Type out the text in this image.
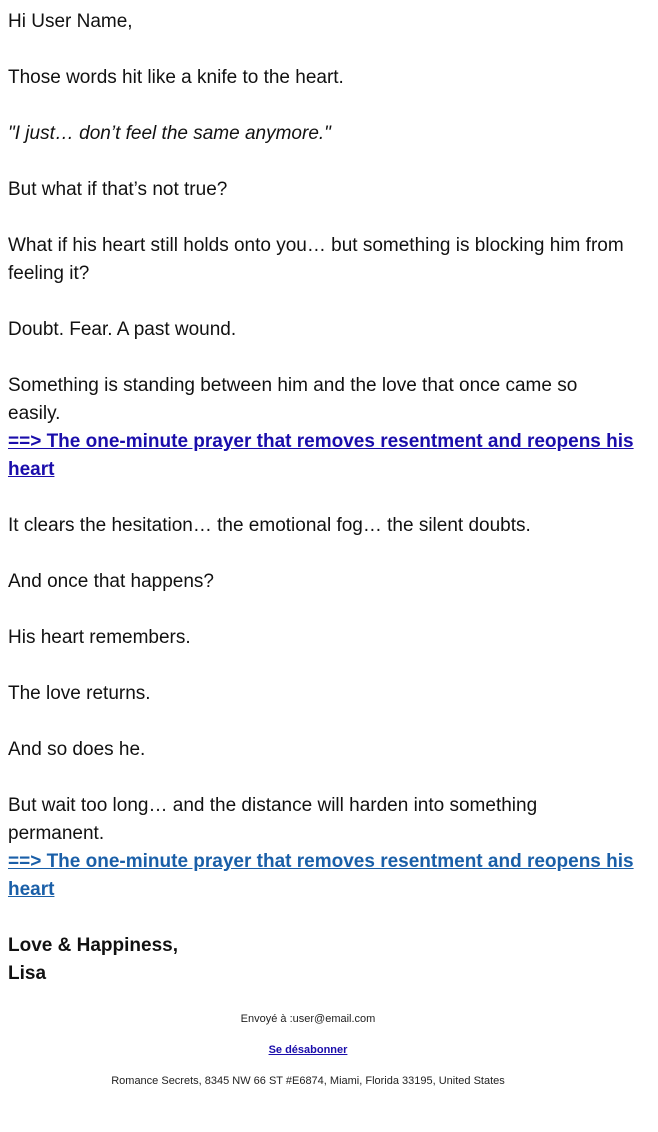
Hi User Name,

Those words hit like a knife to the heart.

"I just… don’t feel the same anymore."

But what if that’s not true?

What if his heart still holds onto you… but something is blocking him from feeling it?

Doubt. Fear. A past wound.

Something is standing between him and the love that once came so easily.

==> The one-minute prayer that removes resentment and reopens his heart

It clears the hesitation… the emotional fog… the silent doubts.

And once that happens?

His heart remembers.

The love returns.

And so does he.

But wait too long… and the distance will harden into something permanent.

==> The one-minute prayer that removes resentment and reopens his heart

Love & Happiness,
Lisa
Envoyé à :user@email.com
Se désabonner
Romance Secrets, 8345 NW 66 ST #E6874, Miami, Florida 33195, United States
